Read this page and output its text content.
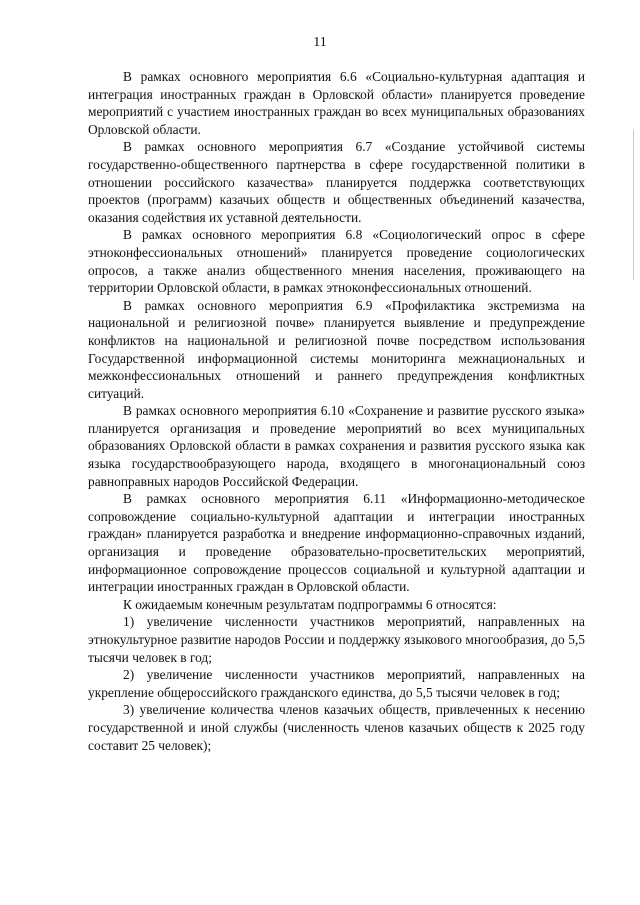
11

В рамках основного мероприятия 6.6 «Социально-культурная адаптация и интеграция иностранных граждан в Орловской области» планируется проведение мероприятий с участием иностранных граждан во всех муниципальных образованиях Орловской области.

В рамках основного мероприятия 6.7 «Создание устойчивой системы государственно-общественного партнерства в сфере государственной политики в отношении российского казачества» планируется поддержка соответствующих проектов (программ) казачьих обществ и общественных объединений казачества, оказания содействия их уставной деятельности.

В рамках основного мероприятия 6.8 «Социологический опрос в сфере этноконфессиональных отношений» планируется проведение социологических опросов, а также анализ общественного мнения населения, проживающего на территории Орловской области, в рамках этноконфессиональных отношений.

В рамках основного мероприятия 6.9 «Профилактика экстремизма на национальной и религиозной почве» планируется выявление и предупреждение конфликтов на национальной и религиозной почве посредством использования Государственной информационной системы мониторинга межнациональных и межконфессиональных отношений и раннего предупреждения конфликтных ситуаций.

В рамках основного мероприятия 6.10 «Сохранение и развитие русского языка» планируется организация и проведение мероприятий во всех муниципальных образованиях Орловской области в рамках сохранения и развития русского языка как языка государствообразующего народа, входящего в многонациональный союз равноправных народов Российской Федерации.

В рамках основного мероприятия 6.11 «Информационно-методическое сопровождение социально-культурной адаптации и интеграции иностранных граждан» планируется разработка и внедрение информационно-справочных изданий, организация и проведение образовательно-просветительских мероприятий, информационное сопровождение процессов социальной и культурной адаптации и интеграции иностранных граждан в Орловской области.

К ожидаемым конечным результатам подпрограммы 6 относятся:

1) увеличение численности участников мероприятий, направленных на этнокультурное развитие народов России и поддержку языкового многообразия, до 5,5 тысячи человек в год;

2) увеличение численности участников мероприятий, направленных на укрепление общероссийского гражданского единства, до 5,5 тысячи человек в год;

3) увеличение количества членов казачьих обществ, привлеченных к несению государственной и иной службы (численность членов казачьих обществ к 2025 году составит 25 человек);
